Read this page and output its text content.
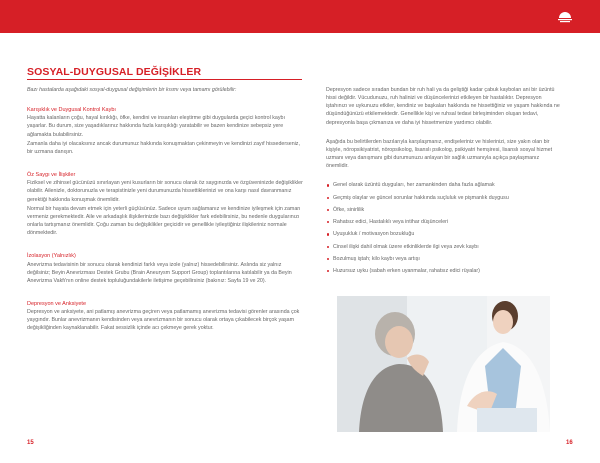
SOSYAL-DUYGUSAL DEĞİŞİKLER

Bazı hastalarda aşağıdaki sosyal-duygusal değişimlerin bir kısmı veya tamamı görülebilir:

Karışıklık ve Duygusal Kontrol Kaybı

Hayatta kalanların çoğu, hayal kırıklığı, öfke, kendini ve insanları eleştirme gibi duygularda geçici kontrol kaybı yaşarlar. Bu durum, size yaşadıklarınız hakkında fazla karışıklığı yaratabilir ve bazen kendinize sebepsiz yere ağlamakta bulabilirsiniz.

Zamanla daha iyi olacaksınız ancak durumunuz hakkında konuşmaktan çekinmeyin ve kendinizi zayıf hissederseniz, bir uzmana danışın.

Öz Saygı ve İlişkiler

Fiziksel ve zihinsel gücünüzü sınırlayan yeni kusurların bir sonucu olarak öz saygınızda ve özgüveninizde değişiklikler olabilir. Ailenizle, doktorunuzla ve terapistinizle yeni durumunuzda hissettiklerinizi ve ona karşı nasıl davranmanız gerektiği hakkında konuşmak önemlidir.

Normal bir hayata devam etmek için yeterli güçlüsünüz. Sadece uyum sağlamanız ve kendinize iyileşmek için zaman vermeniz gerekmektedir. Aile ve arkadaşlık ilişkilerinizde bazı değişiklikler fark edebilirsiniz, bu nedenle duygularınızı onlarla tartışmanız önemlidir. Çoğu zaman bu değişiklikler geçicidir ve genellikle iyileştiğiniz ilişkileriniz normale dönmektedir.

İzolasyon (Yalnızlık)

Anevrizma tedavisinin bir sonucu olarak kendinizi farklı veya izole (yalnız) hissedebilirsiniz. Aslında siz yalnız değilsiniz; Beyin Anevrizması Destek Grubu (Brain Aneurysm Support Group) toplantılarına katılabilir ya da Beyin Anevrizma Vakfı'nın online destek topluluğundakilerle iletişime geçebilirsiniz (bakınız: Sayfa 19 ve 20).

Depresyon ve Anksiyete

Depresyon ve anksiyete, ani patlamış anevrizma geçiren veya patlamamış anevrizma tedavisi görenler arasında çok yaygındır. Bunlar anevrizmanın kendisinden veya anevrizmanın bir sonucu olarak ortaya çıkabilecek birçok yaşam değişikliğinden kaynaklanabilir. Fakat sessizlik içinde acı çekmeye gerek yoktur.

Depresyon sadece sıradan bundan bir ruh hali ya da geliştiği kadar çabuk kaybolan ani bir üzüntü hissi değildir. Vücudunuzu, ruh halinizi ve düşüncelerinizi etkileyen bir hastalıktır. Depresyon iştahınızı ve uykunuzu etkiler, kendiniz ve başkaları hakkında ne hissettiğiniz ve yaşam hakkında ne düşündüğünüzü etkilemektedir. Genellikle kişi ve ruhsal tedavi birleşiminden oluşan tedavi, depresyonla başa çıkmanıza ve daha iyi hissetmenize yardımcı olabilir.

Aşağıda bu belirtilerden bazılarıyla karşılaşmanız, endişeleriniz ve hislerinizi, size yakın olan bir kişiyle, nöropsikiyatrist, nöropsikolog, lisanslı psikolog, psikiyatri hemşiresi, lisanslı sosyal hizmet uzmanı veya danışmanı gibi durumunuzu anlayan bir sağlık uzmanıyla açıkça paylaşmanız önemlidir.

Genel olarak üzüntü duyguları, her zamankinden daha fazla ağlamak
Geçmiş olaylar ve güncel sorunlar hakkında suçluluk ve pişmanlık duygusu
Öfke, sinirlilik
Rahatsız edici, Hastalıklı veya intihar düşünceleri
Uyuşukluk / motivasyon bozukluğu
Cinsel ilişki dahil olmak üzere etkinliklerde ilgi veya zevk kaybı
Bozulmuş iştah; kilo kaybı veya artışı
Huzursuz uyku (sabah erken uyanmalar, rahatsız edici rüyalar)
15	16
